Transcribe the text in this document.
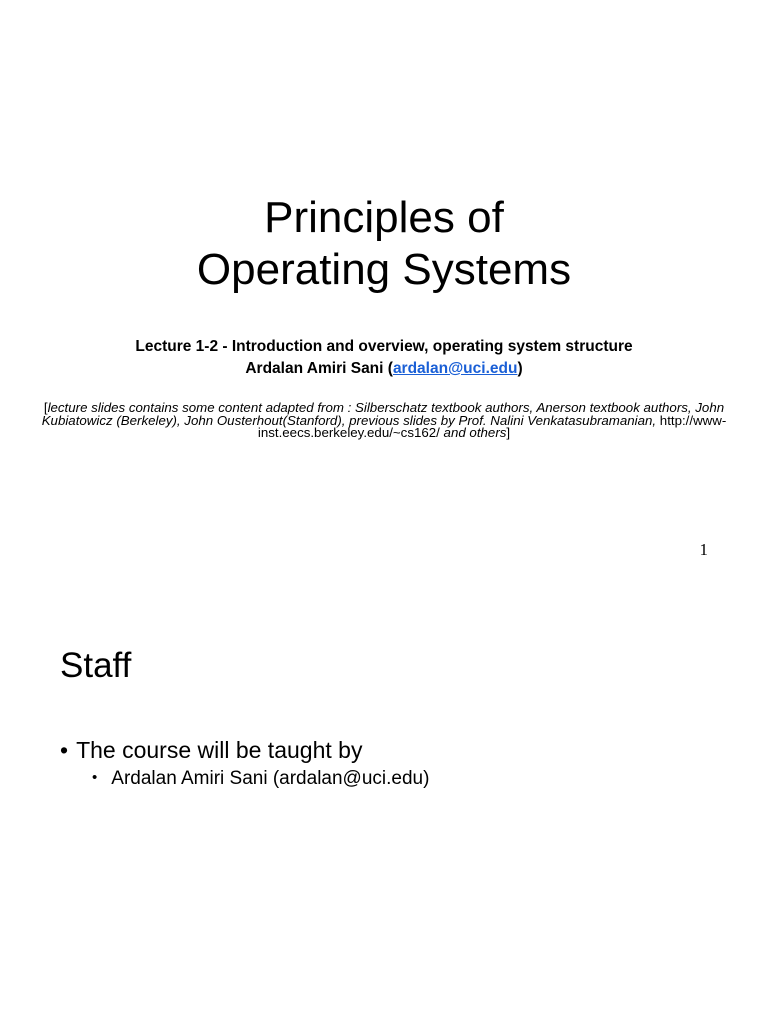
Principles of
Operating Systems
Lecture 1-2 - Introduction and overview, operating system structure
Ardalan Amiri Sani (ardalan@uci.edu)
[lecture slides contains some content adapted from : Silberschatz textbook authors, Anerson textbook authors, John Kubiatowicz (Berkeley), John Ousterhout(Stanford), previous slides by Prof. Nalini Venkatasubramanian, http://www-inst.eecs.berkeley.edu/~cs162/ and others]
1
Staff
• The course will be taught by
• Ardalan Amiri Sani (ardalan@uci.edu)
